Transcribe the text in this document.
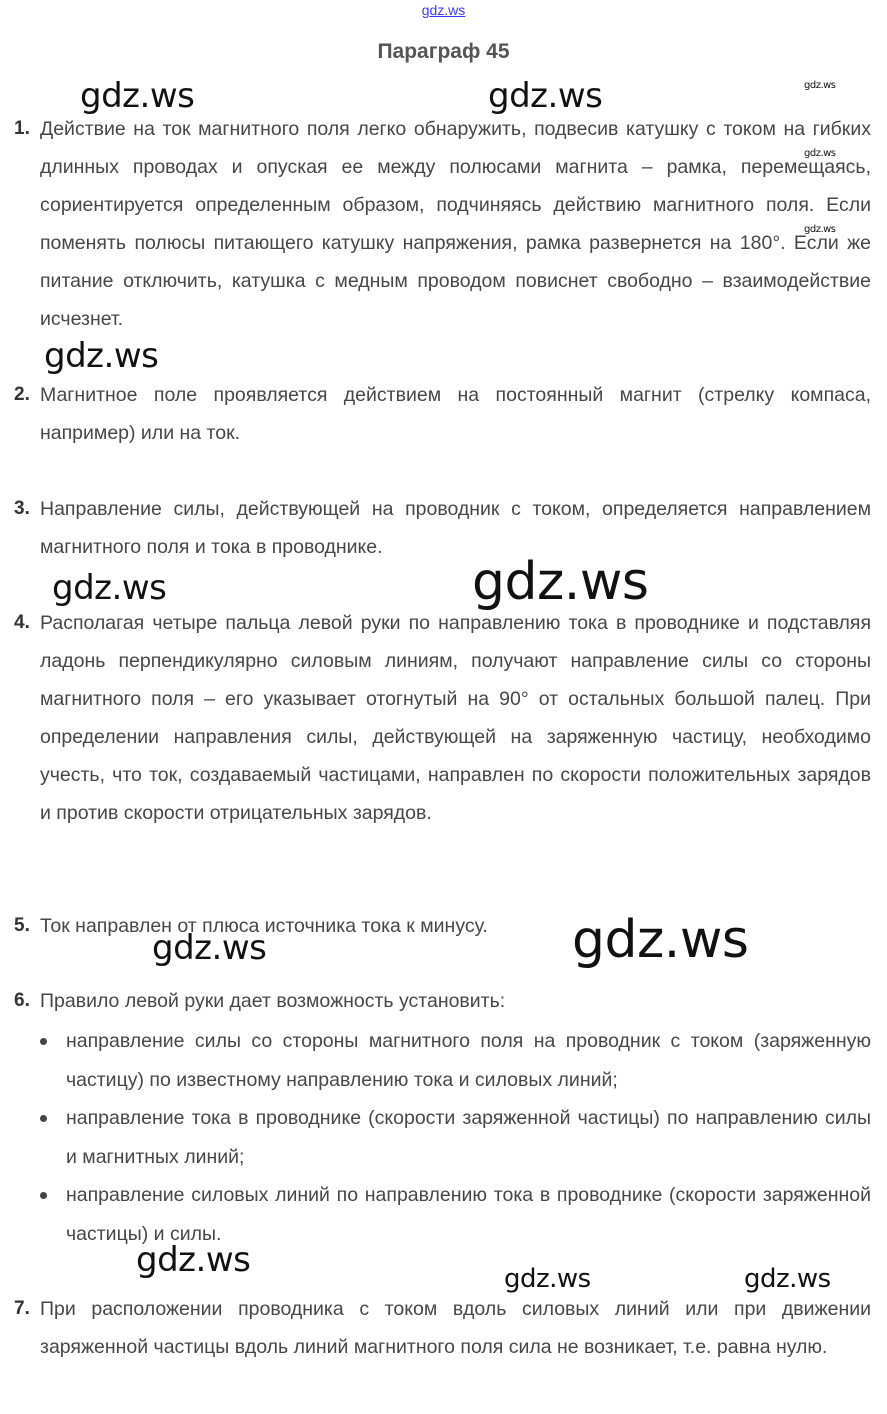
gdz.ws
Параграф 45
1. Действие на ток магнитного поля легко обнаружить, подвесив катушку с током на гибких длинных проводах и опуская ее между полюсами магнита – рамка, перемещаясь, сориентируется определенным образом, подчиняясь действию магнитного поля. Если поменять полюсы питающего катушку напряжения, рамка развернется на 180°. Если же питание отключить, катушка с медным проводом повиснет свободно – взаимодействие исчезнет.
2. Магнитное поле проявляется действием на постоянный магнит (стрелку компаса, например) или на ток.
3. Направление силы, действующей на проводник с током, определяется направлением магнитного поля и тока в проводнике.
4. Располагая четыре пальца левой руки по направлению тока в проводнике и подставляя ладонь перпендикулярно силовым линиям, получают направление силы со стороны магнитного поля – его указывает отогнутый на 90° от остальных большой палец. При определении направления силы, действующей на заряженную частицу, необходимо учесть, что ток, создаваемый частицами, направлен по скорости положительных зарядов и против скорости отрицательных зарядов.
5. Ток направлен от плюса источника тока к минусу.
6. Правило левой руки дает возможность установить:
направление силы со стороны магнитного поля на проводник с током (заряженную частицу) по известному направлению тока и силовых линий;
направление тока в проводнике (скорости заряженной частицы) по направлению силы и магнитных линий;
направление силовых линий по направлению тока в проводнике (скорости заряженной частицы) и силы.
7. При расположении проводника с током вдоль силовых линий или при движении заряженной частицы вдоль линий магнитного поля сила не возникает, т.е. равна нулю.
gdz.ws	gdz.ws	gdz.ws
gdz.ws
gdz.ws
gdz.ws
gdz.ws	gdz.ws
gdz.ws	gdz.ws
gdz.ws	gdz.ws	gdz.ws
